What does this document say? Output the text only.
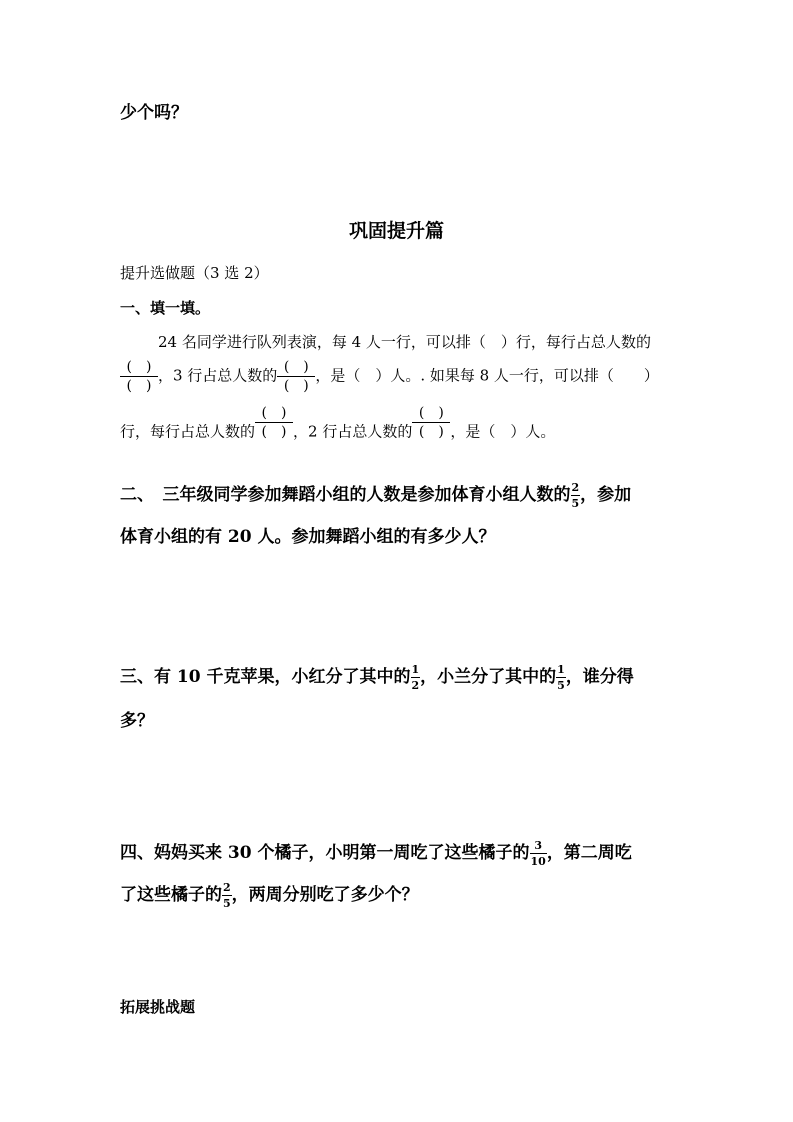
少个吗？
巩固提升篇
提升选做题（3 选 2）
一、填一填。
24 名同学进行队列表演，每 4 人一行，可以排（　）行，每行占总人数的
$\frac{( )}{( )}$ ，3 行占总人数的 $\frac{( )}{( )}$ ，是（　）人。. 如果每 8 人一行，可以排（　　）
行，每行占总人数的 $\frac{( )}{( )}$ ，2 行占总人数的 $\frac{( )}{( )}$ ，是（　）人。
二、　三年级同学参加舞蹈小组的人数是参加体育小组人数的 $\frac{2}{5}$ ，参加
体育小组的有 20 人。参加舞蹈小组的有多少人？
三、有 10 千克苹果，小红分了其中的 $\frac{1}{2}$ ，小兰分了其中的 $\frac{1}{5}$ ，谁分得
多？
四、妈妈买来 30 个橘子，小明第一周吃了这些橘子的 $\frac{3}{10}$ ，第二周吃
了这些橘子的 $\frac{2}{5}$ ，两周分别吃了多少个？
拓展挑战题
